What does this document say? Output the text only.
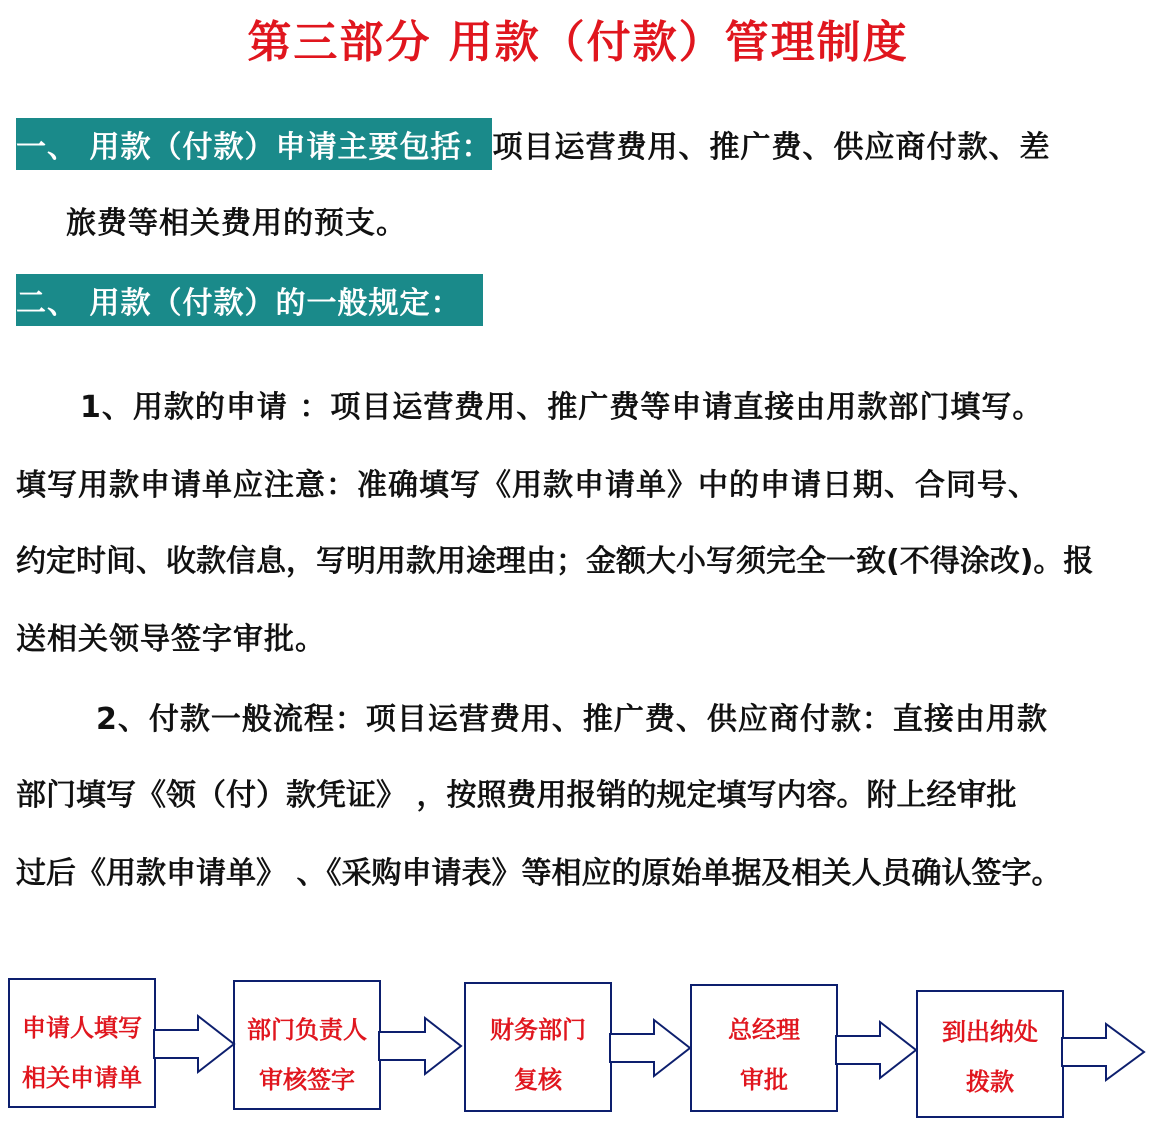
第三部分 用款（付款）管理制度
一、 用款（付款）申请主要包括：项目运营费用、推广费、供应商付款、差
旅费等相关费用的预支。
二、 用款（付款）的一般规定：
1、用款的申请 ：项目运营费用、推广费等申请直接由用款部门填写。
填写用款申请单应注意：准确填写《用款申请单》中的申请日期、合同号、
约定时间、收款信息，写明用款用途理由；金额大小写须完全一致(不得涂改)。报
送相关领导签字审批。
2、付款一般流程：项目运营费用、推广费、供应商付款：直接由用款
部门填写《领（付）款凭证》 ，按照费用报销的规定填写内容。附上经审批
过后《用款申请单》 、《采购申请表》等相应的原始单据及相关人员确认签字。
申请人填写
相关申请单
部门负责人
审核签字
财务部门
复核
总经理
审批
到出纳处
拨款
